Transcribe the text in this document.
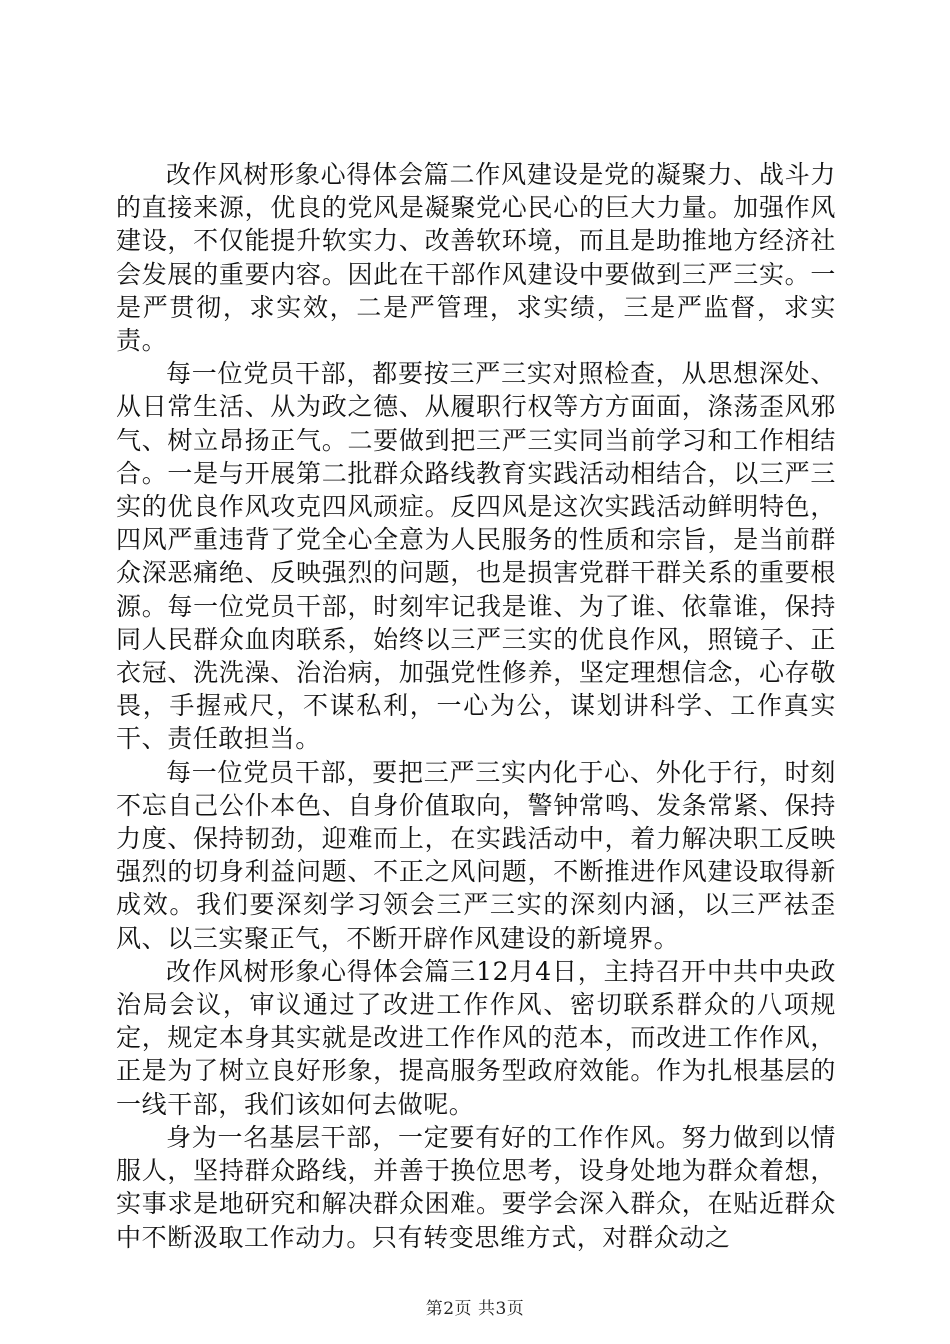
改作风树形象心得体会篇二作风建设是党的凝聚力、战斗力的直接来源，优良的党风是凝聚党心民心的巨大力量。加强作风建设，不仅能提升软实力、改善软环境，而且是助推地方经济社会发展的重要内容。因此在干部作风建设中要做到三严三实。一是严贯彻，求实效，二是严管理，求实绩，三是严监督，求实责。

每一位党员干部，都要按三严三实对照检查，从思想深处、从日常生活、从为政之德、从履职行权等方方面面，涤荡歪风邪气、树立昂扬正气。二要做到把三严三实同当前学习和工作相结合。一是与开展第二批群众路线教育实践活动相结合，以三严三实的优良作风攻克四风顽症。反四风是这次实践活动鲜明特色，四风严重违背了党全心全意为人民服务的性质和宗旨，是当前群众深恶痛绝、反映强烈的问题，也是损害党群干群关系的重要根源。每一位党员干部，时刻牢记我是谁、为了谁、依靠谁，保持同人民群众血肉联系，始终以三严三实的优良作风，照镜子、正衣冠、洗洗澡、治治病，加强党性修养，坚定理想信念，心存敬畏，手握戒尺，不谋私利，一心为公，谋划讲科学、工作真实干、责任敢担当。

每一位党员干部，要把三严三实内化于心、外化于行，时刻不忘自己公仆本色、自身价值取向，警钟常鸣、发条常紧、保持力度、保持韧劲，迎难而上，在实践活动中，着力解决职工反映强烈的切身利益问题、不正之风问题，不断推进作风建设取得新成效。我们要深刻学习领会三严三实的深刻内涵，以三严祛歪风、以三实聚正气，不断开辟作风建设的新境界。

改作风树形象心得体会篇三12月4日，主持召开中共中央政治局会议，审议通过了改进工作作风、密切联系群众的八项规定，规定本身其实就是改进工作作风的范本，而改进工作作风，正是为了树立良好形象，提高服务型政府效能。作为扎根基层的一线干部，我们该如何去做呢。

身为一名基层干部，一定要有好的工作作风。努力做到以情服人，坚持群众路线，并善于换位思考，设身处地为群众着想，实事求是地研究和解决群众困难。要学会深入群众，在贴近群众中不断汲取工作动力。只有转变思维方式，对群众动之

第2页 共3页
